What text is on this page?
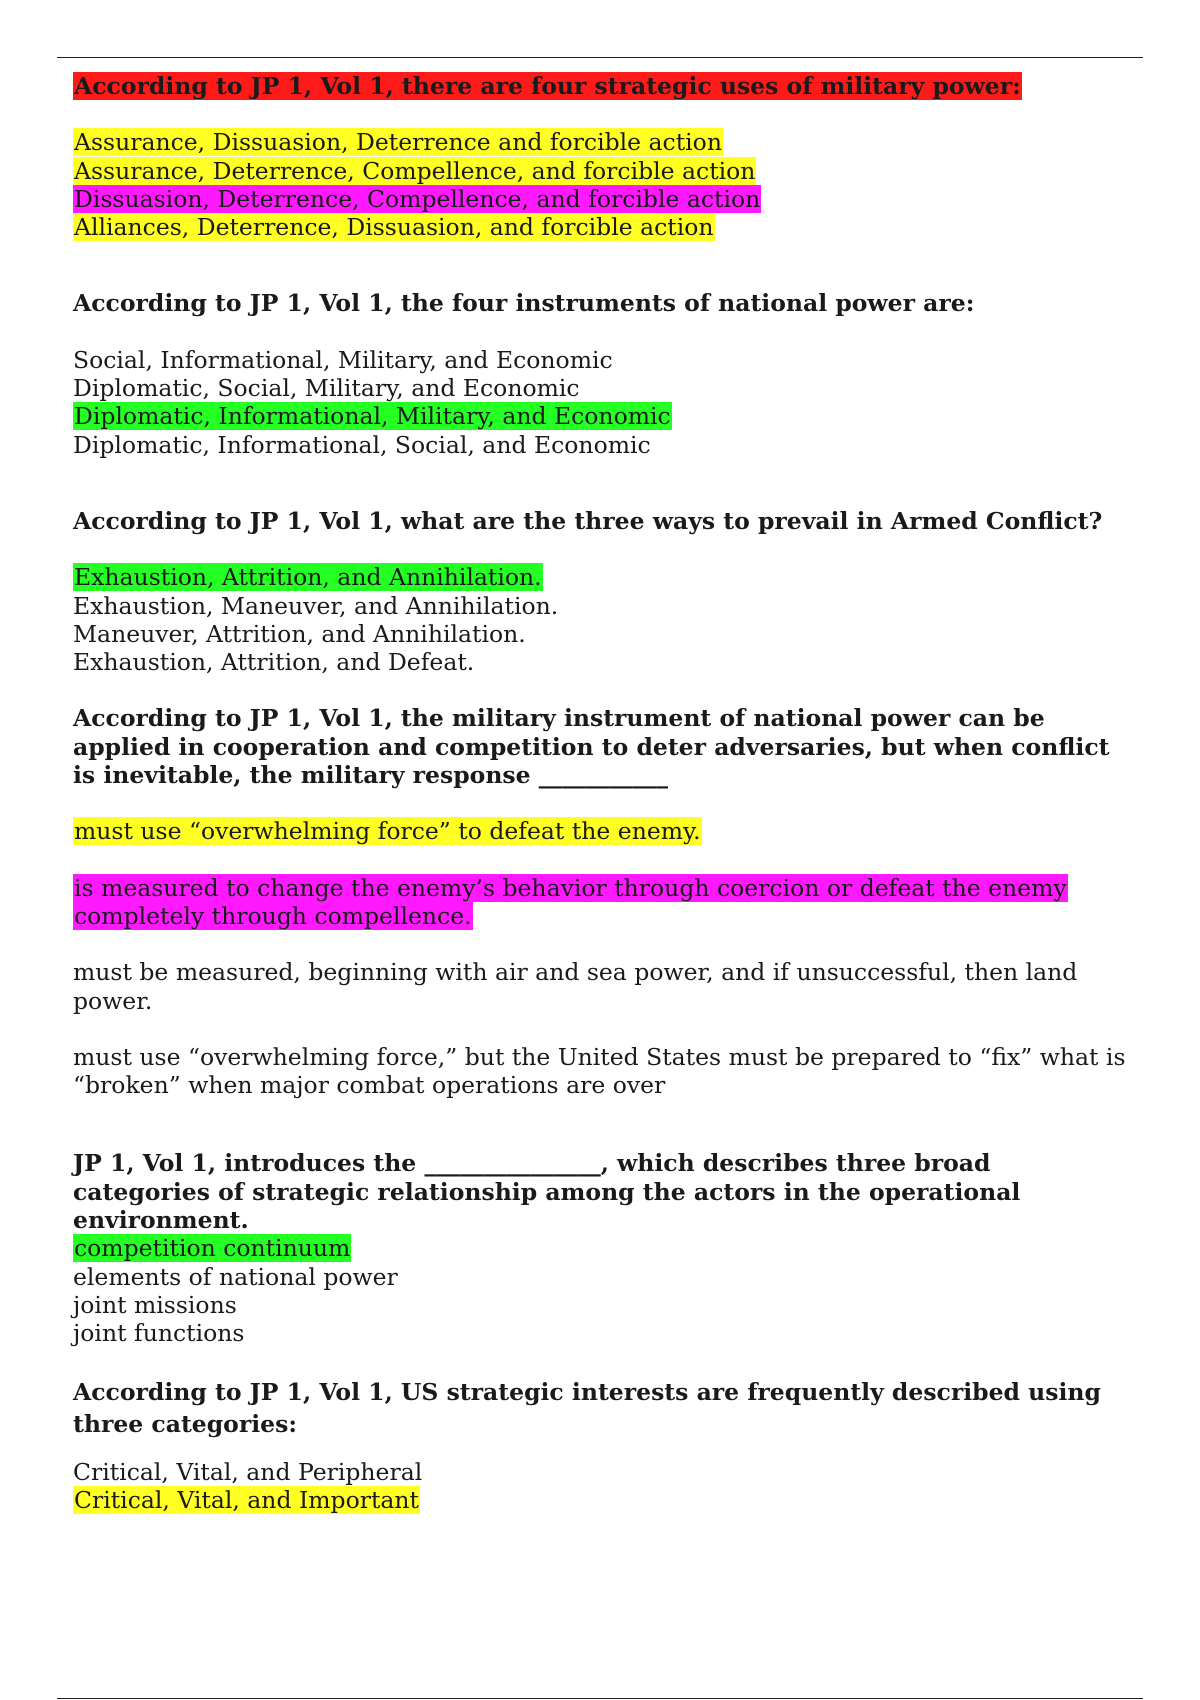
According to JP 1, Vol 1, there are four strategic uses of military power:

Assurance, Dissuasion, Deterrence and forcible action
Assurance, Deterrence, Compellence, and forcible action
Dissuasion, Deterrence, Compellence, and forcible action
Alliances, Deterrence, Dissuasion, and forcible action

According to JP 1, Vol 1, the four instruments of national power are:

Social, Informational, Military, and Economic
Diplomatic, Social, Military, and Economic
Diplomatic, Informational, Military, and Economic
Diplomatic, Informational, Social, and Economic

According to JP 1, Vol 1, what are the three ways to prevail in Armed Conflict?

Exhaustion, Attrition, and Annihilation.
Exhaustion, Maneuver, and Annihilation.
Maneuver, Attrition, and Annihilation.
Exhaustion, Attrition, and Defeat.

According to JP 1, Vol 1, the military instrument of national power can be
applied in cooperation and competition to deter adversaries, but when conflict
is inevitable, the military response ___________

must use “overwhelming force” to defeat the enemy.
is measured to change the enemy’s behavior through coercion or defeat the enemy
completely through compellence.
must be measured, beginning with air and sea power, and if unsuccessful, then land
power.
must use “overwhelming force,” but the United States must be prepared to “fix” what is
“broken” when major combat operations are over

JP 1, Vol 1, introduces the _______________, which describes three broad
categories of strategic relationship among the actors in the operational
environment.

competition continuum
elements of national power
joint missions
joint functions

According to JP 1, Vol 1, US strategic interests are frequently described using
three categories:

Critical, Vital, and Peripheral
Critical, Vital, and Important
